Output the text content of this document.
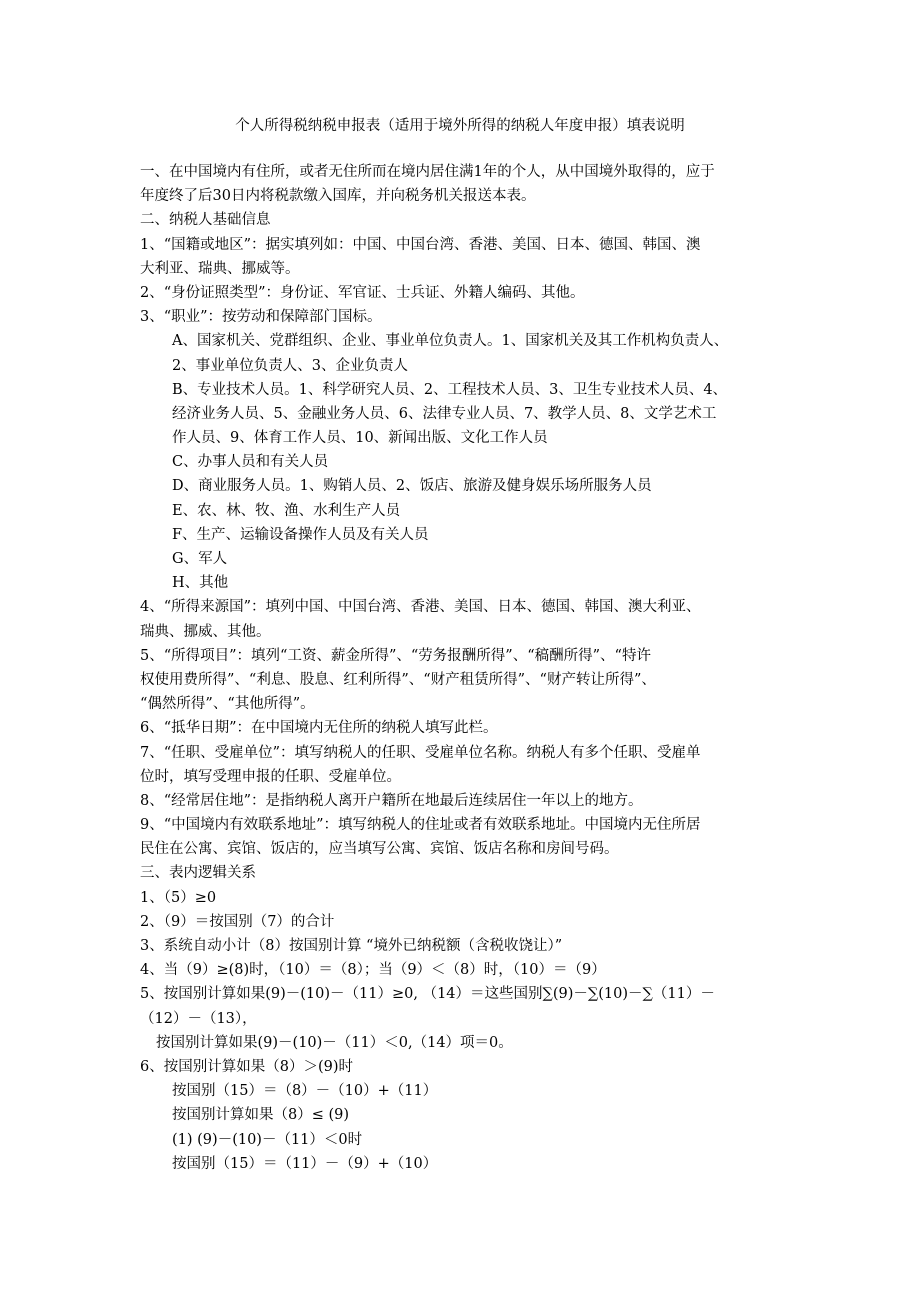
个人所得税纳税申报表（适用于境外所得的纳税人年度申报）填表说明
一、在中国境内有住所，或者无住所而在境内居住满1年的个人，从中国境外取得的，应于
年度终了后30日内将税款缴入国库，并向税务机关报送本表。
二、纳税人基础信息
1、“国籍或地区”：据实填列如：中国、中国台湾、香港、美国、日本、德国、韩国、澳
大利亚、瑞典、挪威等。
2、“身份证照类型”：身份证、军官证、士兵证、外籍人编码、其他。
3、“职业”：按劳动和保障部门国标。
A、国家机关、党群组织、企业、事业单位负责人。1、国家机关及其工作机构负责人、
2、事业单位负责人、3、企业负责人
B、专业技术人员。1、科学研究人员、2、工程技术人员、3、卫生专业技术人员、4、
经济业务人员、5、金融业务人员、6、法律专业人员、7、教学人员、8、文学艺术工
作人员、9、体育工作人员、10、新闻出版、文化工作人员
C、办事人员和有关人员
D、商业服务人员。1、购销人员、2、饭店、旅游及健身娱乐场所服务人员
E、农、林、牧、渔、水利生产人员
F、生产、运输设备操作人员及有关人员
G、军人
H、其他
4、“所得来源国”：填列中国、中国台湾、香港、美国、日本、德国、韩国、澳大利亚、
瑞典、挪威、其他。
5、“所得项目”：填列“工资、薪金所得”、“劳务报酬所得”、“稿酬所得”、“特许
权使用费所得”、“利息、股息、红利所得”、“财产租赁所得”、“财产转让所得”、
“偶然所得”、“其他所得”。
6、“抵华日期”：在中国境内无住所的纳税人填写此栏。
7、“任职、受雇单位”：填写纳税人的任职、受雇单位名称。纳税人有多个任职、受雇单
位时，填写受理申报的任职、受雇单位。
8、“经常居住地”：是指纳税人离开户籍所在地最后连续居住一年以上的地方。
9、“中国境内有效联系地址”：填写纳税人的住址或者有效联系地址。中国境内无住所居
民住在公寓、宾馆、饭店的，应当填写公寓、宾馆、饭店名称和房间号码。
三、表内逻辑关系
1、（5）≥0
2、（9）＝按国别（7）的合计
3、系统自动小计（8）按国别计算 “境外已纳税额（含税收饶让）”
4、当（9）≥(8)时，（10）＝（8）；当（9）＜（8）时，（10）＝（9）
5、按国别计算如果(9)－(10)－（11）≥0, （14）＝这些国别∑(9)－∑(10)－∑（11）－
（12）－（13），
按国别计算如果(9)－(10)－（11）＜0,（14）项＝0。
6、按国别计算如果（8）＞(9)时
按国别（15）＝（8）－（10）+（11）
按国别计算如果（8）≤ (9)
(1) (9)－(10)－（11）＜0时
按国别（15）＝（11）－（9）+（10）
